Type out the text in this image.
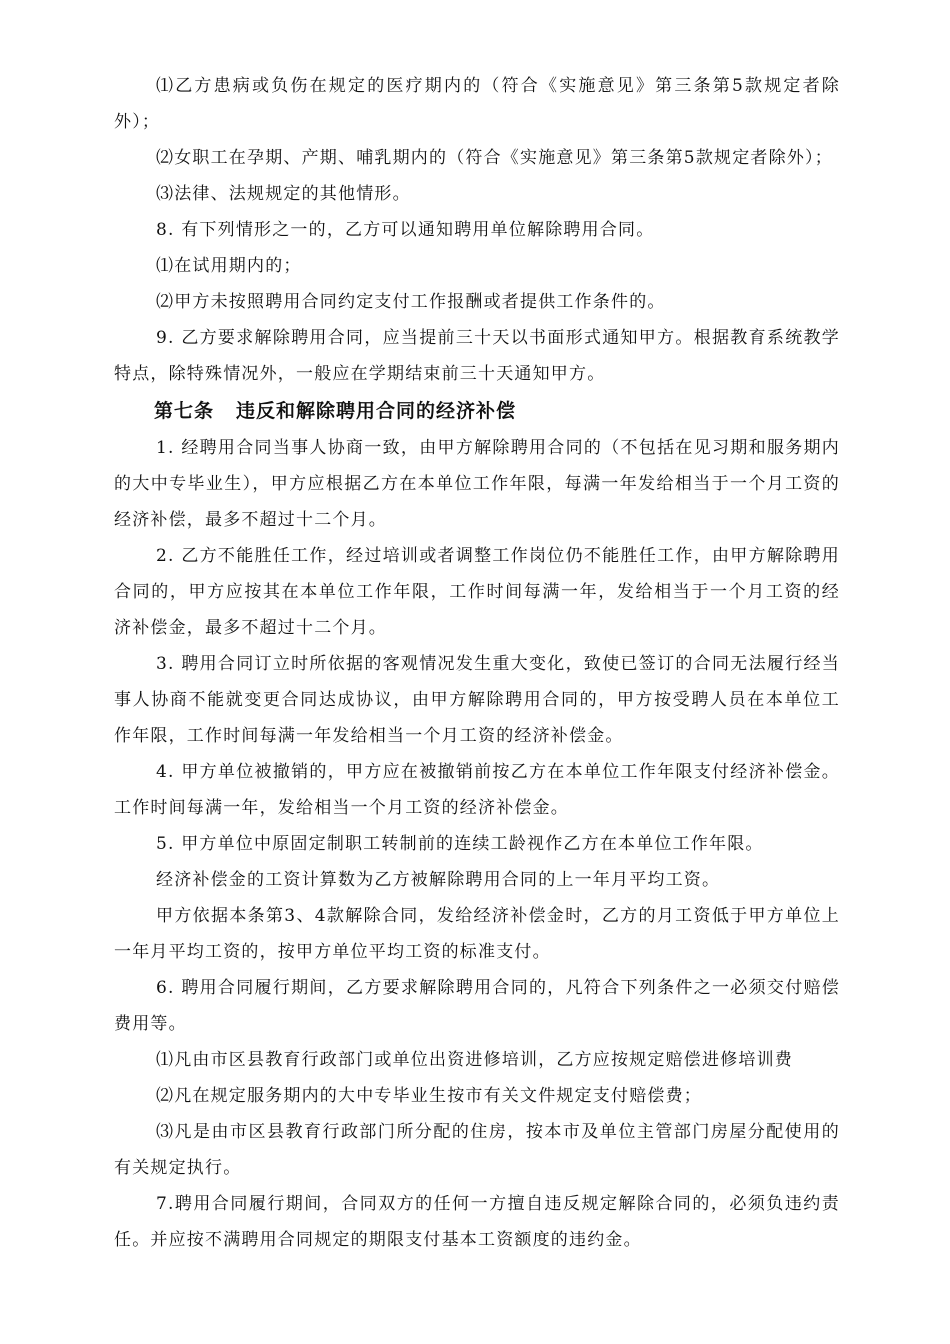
⑴乙方患病或负伤在规定的医疗期内的（符合《实施意见》第三条第5款规定者除外）；

⑵女职工在孕期、产期、哺乳期内的（符合《实施意见》第三条第5款规定者除外）；

⑶法律、法规规定的其他情形。

8. 有下列情形之一的，乙方可以通知聘用单位解除聘用合同。

⑴在试用期内的；

⑵甲方未按照聘用合同约定支付工作报酬或者提供工作条件的。

9. 乙方要求解除聘用合同，应当提前三十天以书面形式通知甲方。根据教育系统教学特点，除特殊情况外，一般应在学期结束前三十天通知甲方。

第七条 违反和解除聘用合同的经济补偿

1. 经聘用合同当事人协商一致，由甲方解除聘用合同的（不包括在见习期和服务期内的大中专毕业生），甲方应根据乙方在本单位工作年限，每满一年发给相当于一个月工资的经济补偿，最多不超过十二个月。

2. 乙方不能胜任工作，经过培训或者调整工作岗位仍不能胜任工作，由甲方解除聘用合同的，甲方应按其在本单位工作年限，工作时间每满一年，发给相当于一个月工资的经济补偿金，最多不超过十二个月。

3. 聘用合同订立时所依据的客观情况发生重大变化，致使已签订的合同无法履行经当事人协商不能就变更合同达成协议，由甲方解除聘用合同的，甲方按受聘人员在本单位工作年限，工作时间每满一年发给相当一个月工资的经济补偿金。

4. 甲方单位被撤销的，甲方应在被撤销前按乙方在本单位工作年限支付经济补偿金。工作时间每满一年，发给相当一个月工资的经济补偿金。

5. 甲方单位中原固定制职工转制前的连续工龄视作乙方在本单位工作年限。

经济补偿金的工资计算数为乙方被解除聘用合同的上一年月平均工资。

甲方依据本条第3、4款解除合同，发给经济补偿金时，乙方的月工资低于甲方单位上一年月平均工资的，按甲方单位平均工资的标准支付。

6. 聘用合同履行期间，乙方要求解除聘用合同的，凡符合下列条件之一必须交付赔偿费用等。

⑴凡由市区县教育行政部门或单位出资进修培训，乙方应按规定赔偿进修培训费

⑵凡在规定服务期内的大中专毕业生按市有关文件规定支付赔偿费；

⑶凡是由市区县教育行政部门所分配的住房，按本市及单位主管部门房屋分配使用的有关规定执行。

7.聘用合同履行期间，合同双方的任何一方擅自违反规定解除合同的，必须负违约责任。并应按不满聘用合同规定的期限支付基本工资额度的违约金。
